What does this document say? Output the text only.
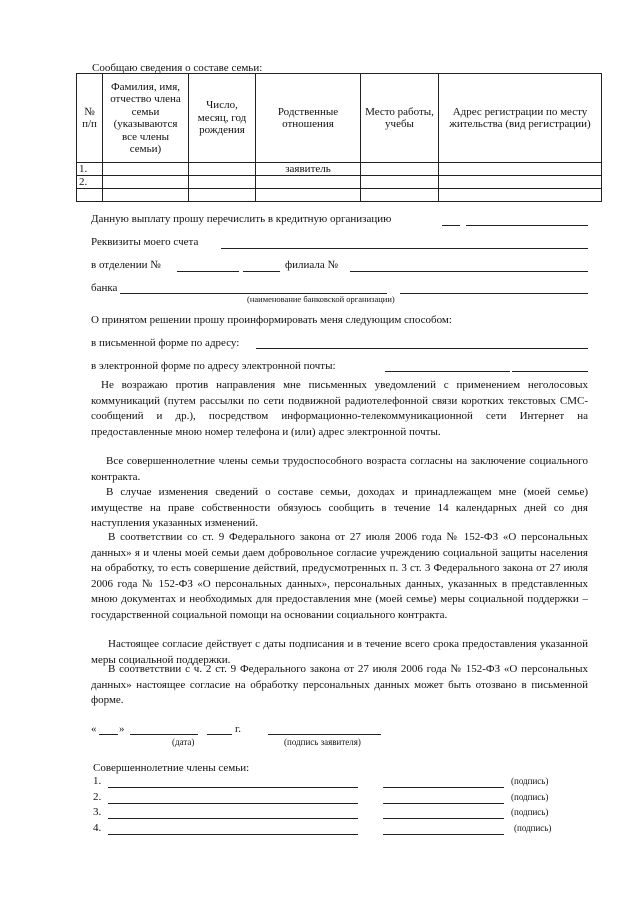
Сообщаю сведения о составе семьи:
№ п/п	Фамилия, имя, отчество члена семьи (указываются все члены семьи)	Число, месяц, год рождения	Родственные отношения	Место работы, учебы	Адрес регистрации по месту жительства (вид регистрации)
1.			заявитель		
2.					

Данную выплату прошу перечислить в кредитную организацию
Реквизиты моего счета
в отделении №	филиала №
банка
(наименование банковской организации)
О принятом решении прошу проинформировать меня следующим способом:
в письменной форме по адресу:
в электронной форме по адресу электронной почты:

Не возражаю против направления мне письменных уведомлений с применением неголосовых коммуникаций (путем рассылки по сети подвижной радиотелефонной связи коротких текстовых СМС-сообщений и др.), посредством информационно-телекоммуникационной сети Интернет на предоставленные мною номер телефона и (или) адрес электронной почты.

Все совершеннолетние члены семьи трудоспособного возраста согласны на заключение социального контракта.

В случае изменения сведений о составе семьи, доходах и принадлежащем мне (моей семье) имуществе на праве собственности обязуюсь сообщить в течение 14 календарных дней со дня наступления указанных изменений.

В соответствии со ст. 9 Федерального закона от 27 июля 2006 года № 152-ФЗ «О персональных данных» я и члены моей семьи даем добровольное согласие учреждению социальной защиты населения на обработку, то есть совершение действий, предусмотренных п. 3 ст. 3 Федерального закона от 27 июля 2006 года № 152-ФЗ «О персональных данных», персональных данных, указанных в представленных мною документах и необходимых для предоставления мне (моей семье) меры социальной поддержки – государственной социальной помощи на основании социального контракта.

Настоящее согласие действует с даты подписания и в течение всего срока предоставления указанной меры социальной поддержки.

В соответствии с ч. 2 ст. 9 Федерального закона от 27 июля 2006 года № 152-ФЗ «О персональных данных» настоящее согласие на обработку персональных данных может быть отозвано в письменной форме.

« »	г.
(дата)	(подпись заявителя)
Совершеннолетние члены семьи:
1.	(подпись)
2.	(подпись)
3.	(подпись)
4.	(подпись)
